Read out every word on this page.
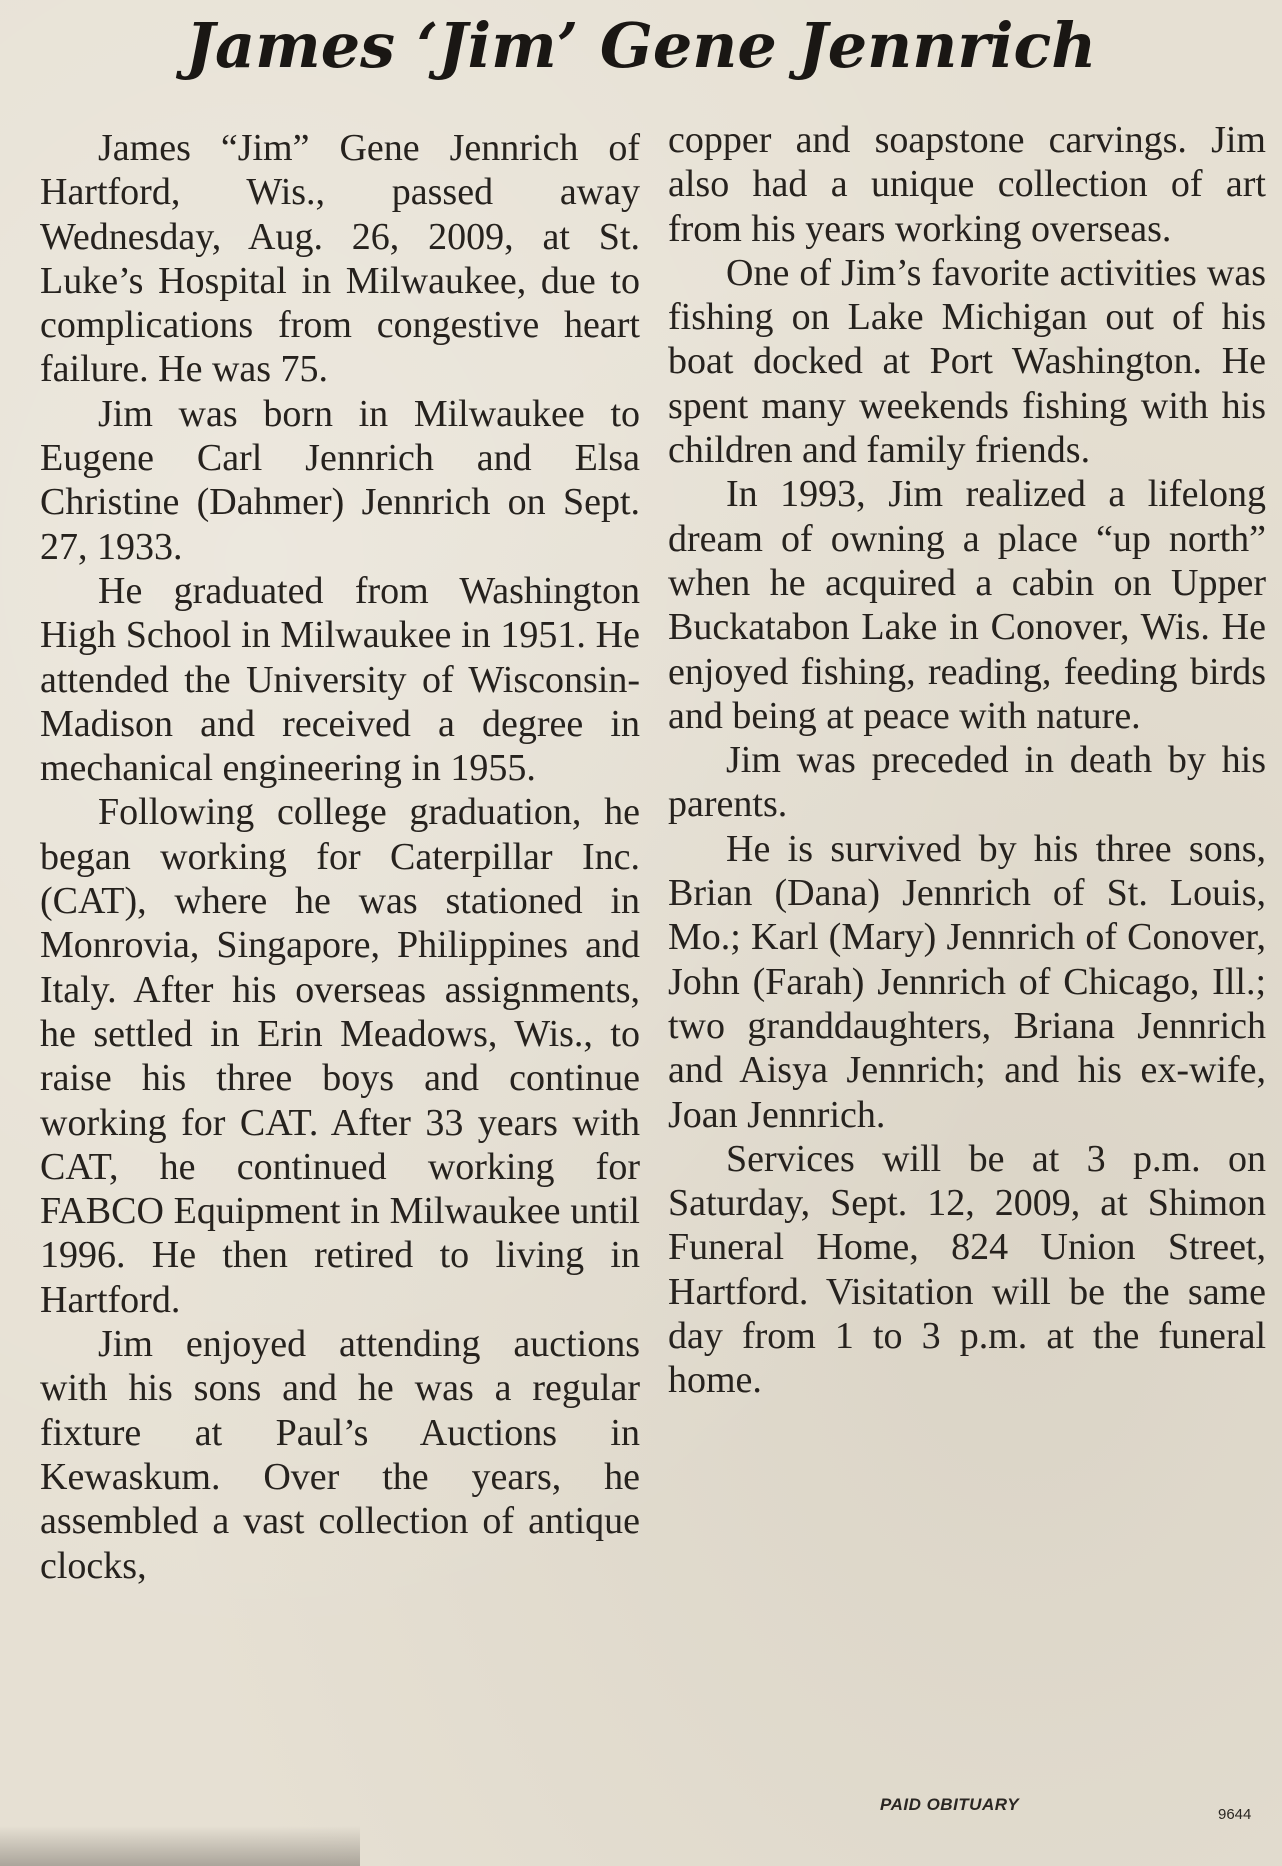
James ‘Jim’ Gene Jennrich

James “Jim” Gene Jennrich of Hartford, Wis., passed away Wednesday, Aug. 26, 2009, at St. Luke’s Hospital in Milwaukee, due to complications from congestive heart failure. He was 75.

Jim was born in Milwaukee to Eugene Carl Jennrich and Elsa Christine (Dahmer) Jennrich on Sept. 27, 1933.

He graduated from Washington High School in Milwaukee in 1951. He attended the University of Wisconsin-Madison and received a degree in mechanical engineering in 1955.

Following college graduation, he began working for Caterpillar Inc. (CAT), where he was stationed in Monrovia, Singapore, Philippines and Italy. After his overseas assignments, he settled in Erin Meadows, Wis., to raise his three boys and continue working for CAT. After 33 years with CAT, he continued working for FABCO Equipment in Milwaukee until 1996. He then retired to living in Hartford.

Jim enjoyed attending auctions with his sons and he was a regular fixture at Paul’s Auctions in Kewaskum. Over the years, he assembled a vast collection of antique clocks,

copper and soapstone carvings. Jim also had a unique collection of art from his years working overseas.

One of Jim’s favorite activities was fishing on Lake Michigan out of his boat docked at Port Washington. He spent many weekends fishing with his children and family friends.

In 1993, Jim realized a lifelong dream of owning a place “up north” when he acquired a cabin on Upper Buckatabon Lake in Conover, Wis. He enjoyed fishing, reading, feeding birds and being at peace with nature.

Jim was preceded in death by his parents.

He is survived by his three sons, Brian (Dana) Jennrich of St. Louis, Mo.; Karl (Mary) Jennrich of Conover, John (Farah) Jennrich of Chicago, Ill.; two granddaughters, Briana Jennrich and Aisya Jennrich; and his ex-wife, Joan Jennrich.

Services will be at 3 p.m. on Saturday, Sept. 12, 2009, at Shimon Funeral Home, 824 Union Street, Hartford. Visitation will be the same day from 1 to 3 p.m. at the funeral home.

PAID OBITUARY
9644
